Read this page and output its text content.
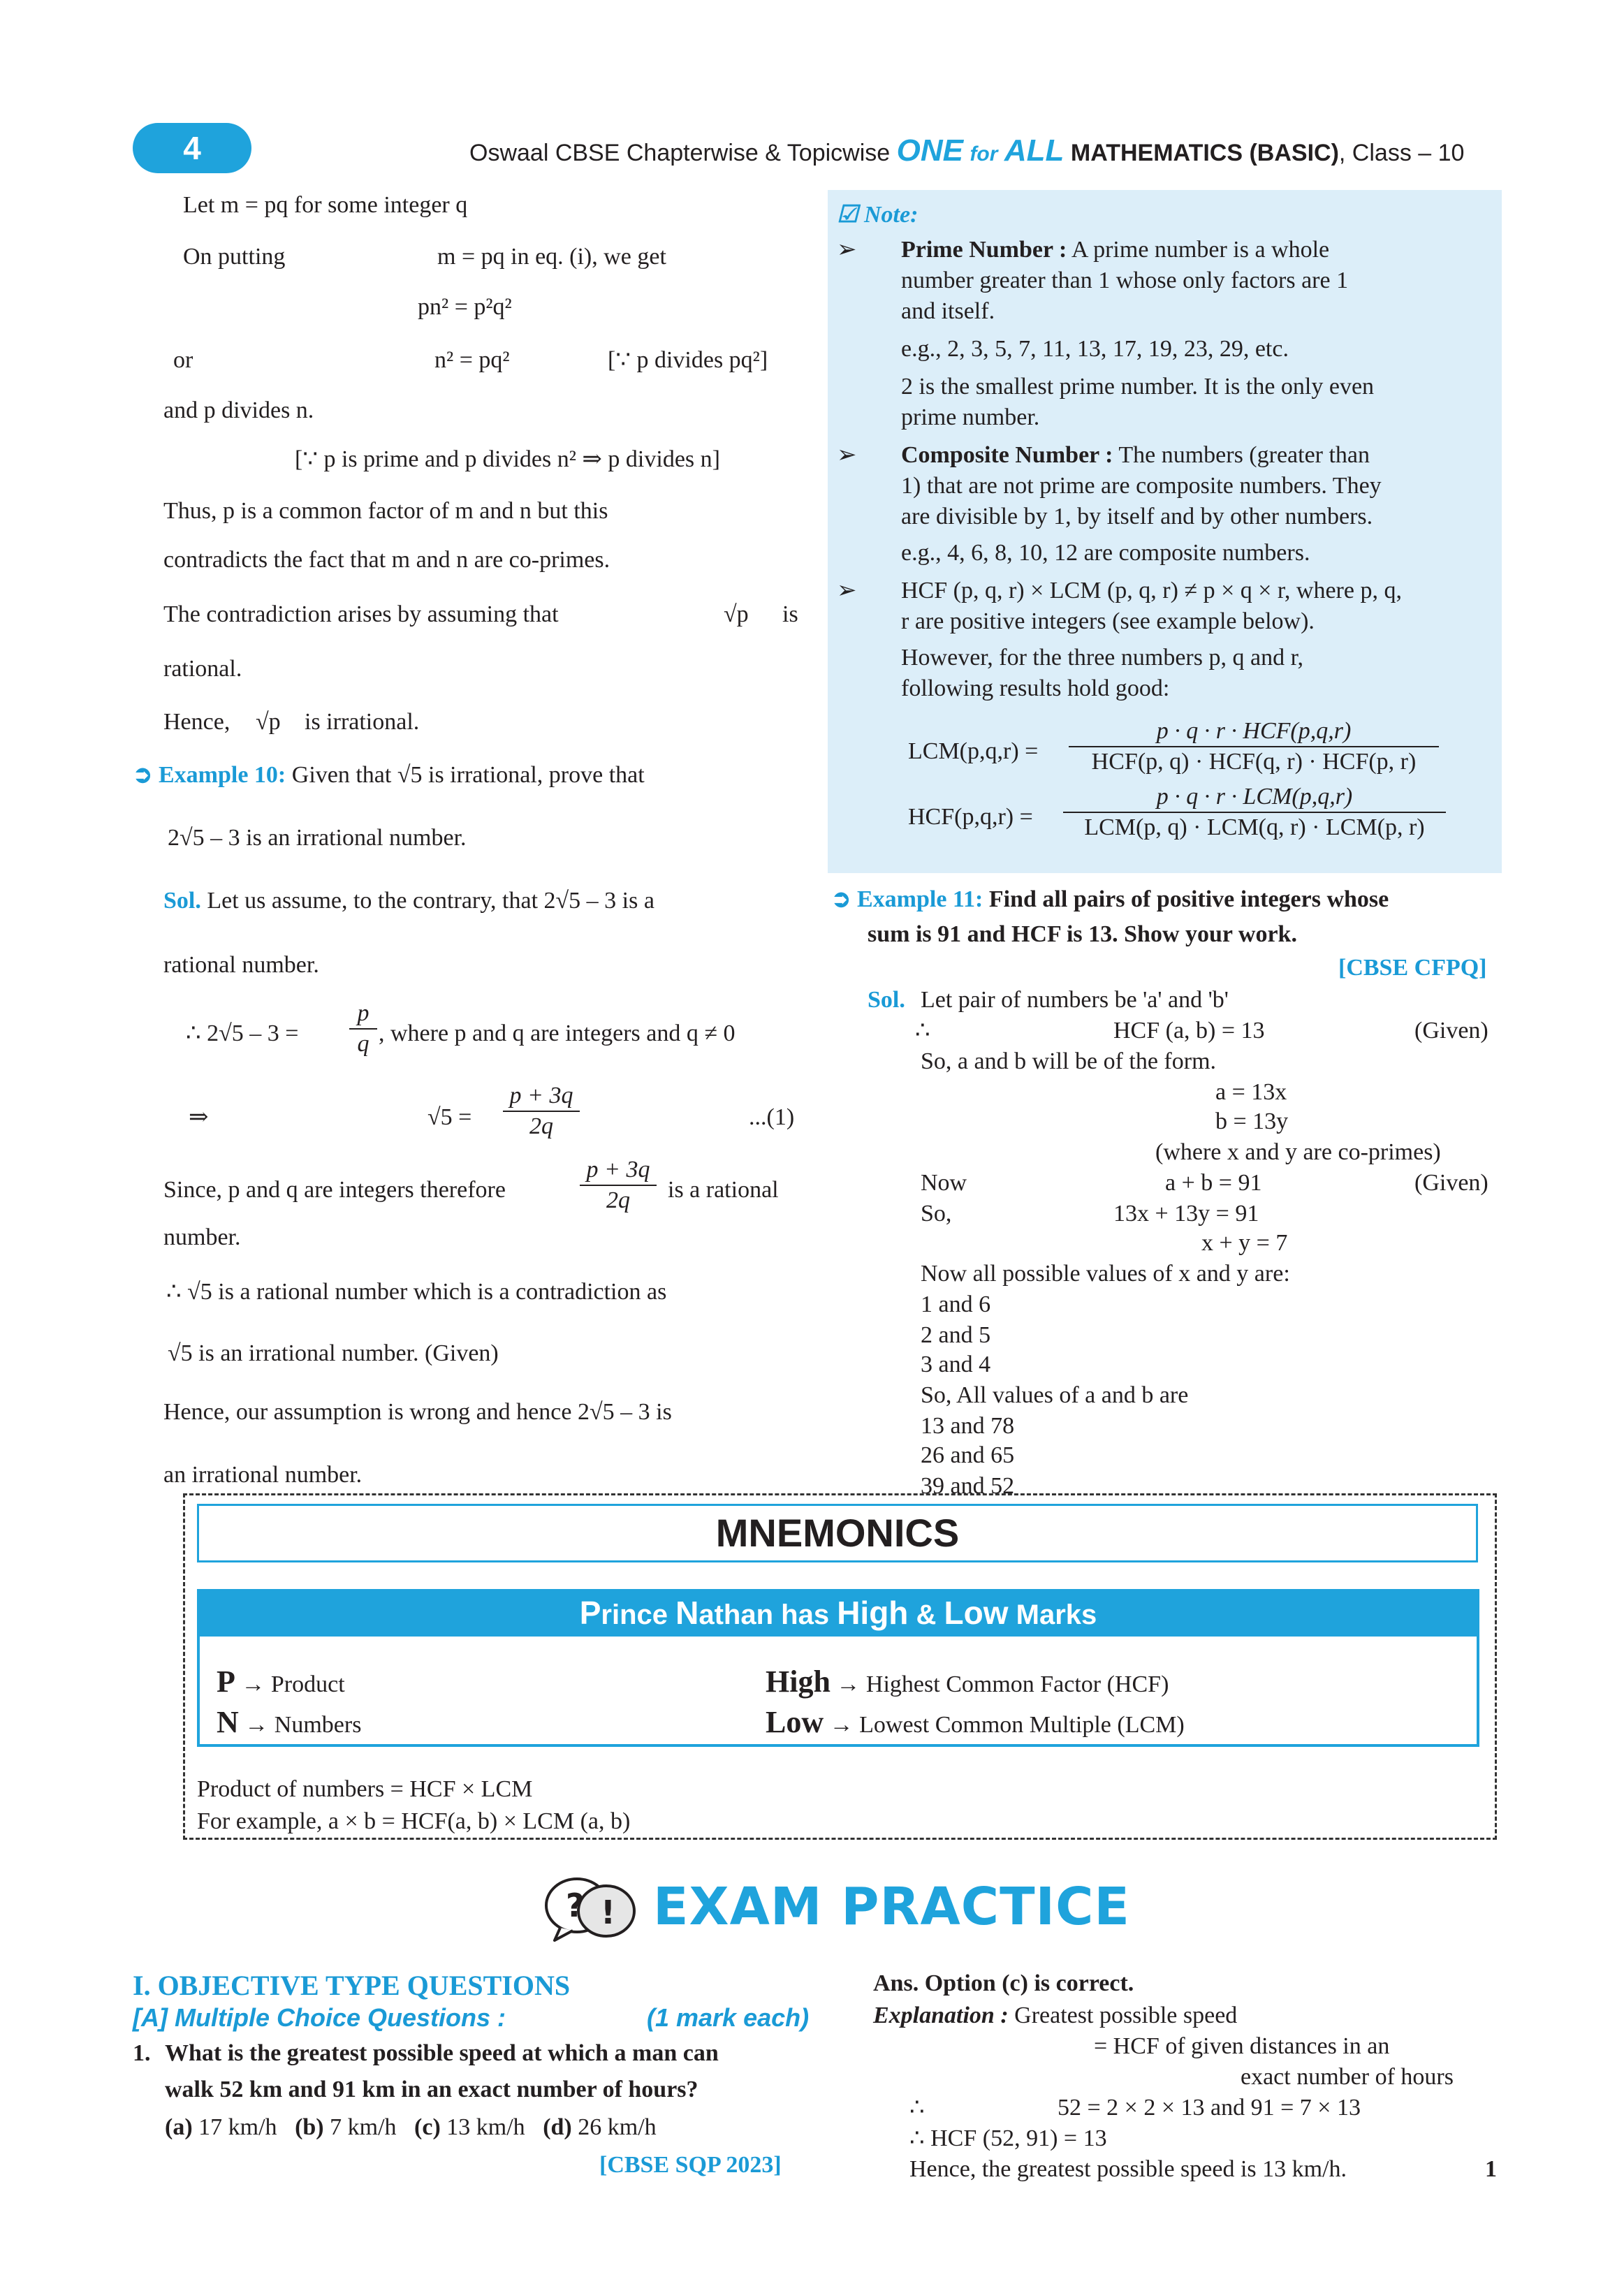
4	Oswaal CBSE Chapterwise & Topicwise ONE for ALL MATHEMATICS (BASIC), Class – 10
Let m = pq for some integer q
On putting	m = pq in eq. (i), we get
pn² = p²q²
or	n² = pq²	[∵ p divides pq²]
and p divides n.
[∵ p is prime and p divides n² ⇒ p divides n]
Thus, p is a common factor of m and n but this
contradicts the fact that m and n are co-primes.
The contradiction arises by assuming that	√p is
rational.
Hence, √p is irrational.
➲ Example 10: Given that √5 is irrational, prove that
2√5 – 3 is an irrational number.
Sol. Let us assume, to the contrary, that 2√5 – 3 is a
rational number.
∴ $2√5 - 3 = \frac{p}{q}$ , where p and q are integers and q ≠ 0
⇒	$√5 = \frac{p + 3q}{2q}$	...(1)
Since, p and q are integers therefore	$\frac{p + 3q}{2q}$ is a rational
number.
∴ √5 is a rational number which is a contradiction as
√5 is an irrational number. (Given)
Hence, our assumption is wrong and hence 2√5 – 3 is
an irrational number.
☑ Note:
➢ Prime Number : A prime number is a whole
number greater than 1 whose only factors are 1
and itself.
e.g., 2, 3, 5, 7, 11, 13, 17, 19, 23, 29, etc.
2 is the smallest prime number. It is the only even
prime number.
➢ Composite Number : The numbers (greater than
1) that are not prime are composite numbers. They
are divisible by 1, by itself and by other numbers.
e.g., 4, 6, 8, 10, 12 are composite numbers.
➢ HCF (p, q, r) × LCM (p, q, r) ≠ p × q × r, where p, q,
r are positive integers (see example below).
However, for the three numbers p, q and r,
following results hold good:
LCM(p,q,r) =
p · q · r · HCF(p,q,r)
HCF(p, q) · HCF(q, r) · HCF(p, r)
HCF(p,q,r) =
p · q · r · LCM(p,q,r)
LCM(p, q) · LCM(q, r) · LCM(p, r)
➲ Example 11: Find all pairs of positive integers whose
sum is 91 and HCF is 13. Show your work.
[CBSE CFPQ]
Sol. Let pair of numbers be 'a' and 'b'
∴	HCF (a, b) = 13	(Given)
So, a and b will be of the form.
a = 13x
b = 13y
(where x and y are co-primes)
Now	a + b = 91	(Given)
So,	13x + 13y = 91
x + y = 7
Now all possible values of x and y are:
1 and 6
2 and 5
3 and 4
So, All values of a and b are
13 and 78
26 and 65
39 and 52
MNEMONICS
Prince Nathan has High & Low Marks
P → Product
N → Numbers
High → Highest Common Factor (HCF)
Low → Lowest Common Multiple (LCM)
Product of numbers = HCF × LCM
For example, a × b = HCF(a, b) × LCM (a, b)
? ! EXAM PRACTICE
I. OBJECTIVE TYPE QUESTIONS
[A] Multiple Choice Questions :	(1 mark each)
1. What is the greatest possible speed at which a man can
walk 52 km and 91 km in an exact number of hours?
(a) 17 km/h (b) 7 km/h (c) 13 km/h (d) 26 km/h
[CBSE SQP 2023]
Ans. Option (c) is correct.
Explanation : Greatest possible speed
= HCF of given distances in an
exact number of hours
∴	52 = 2 × 2 × 13 and 91 = 7 × 13
∴ HCF (52, 91) = 13
Hence, the greatest possible speed is 13 km/h.	1
